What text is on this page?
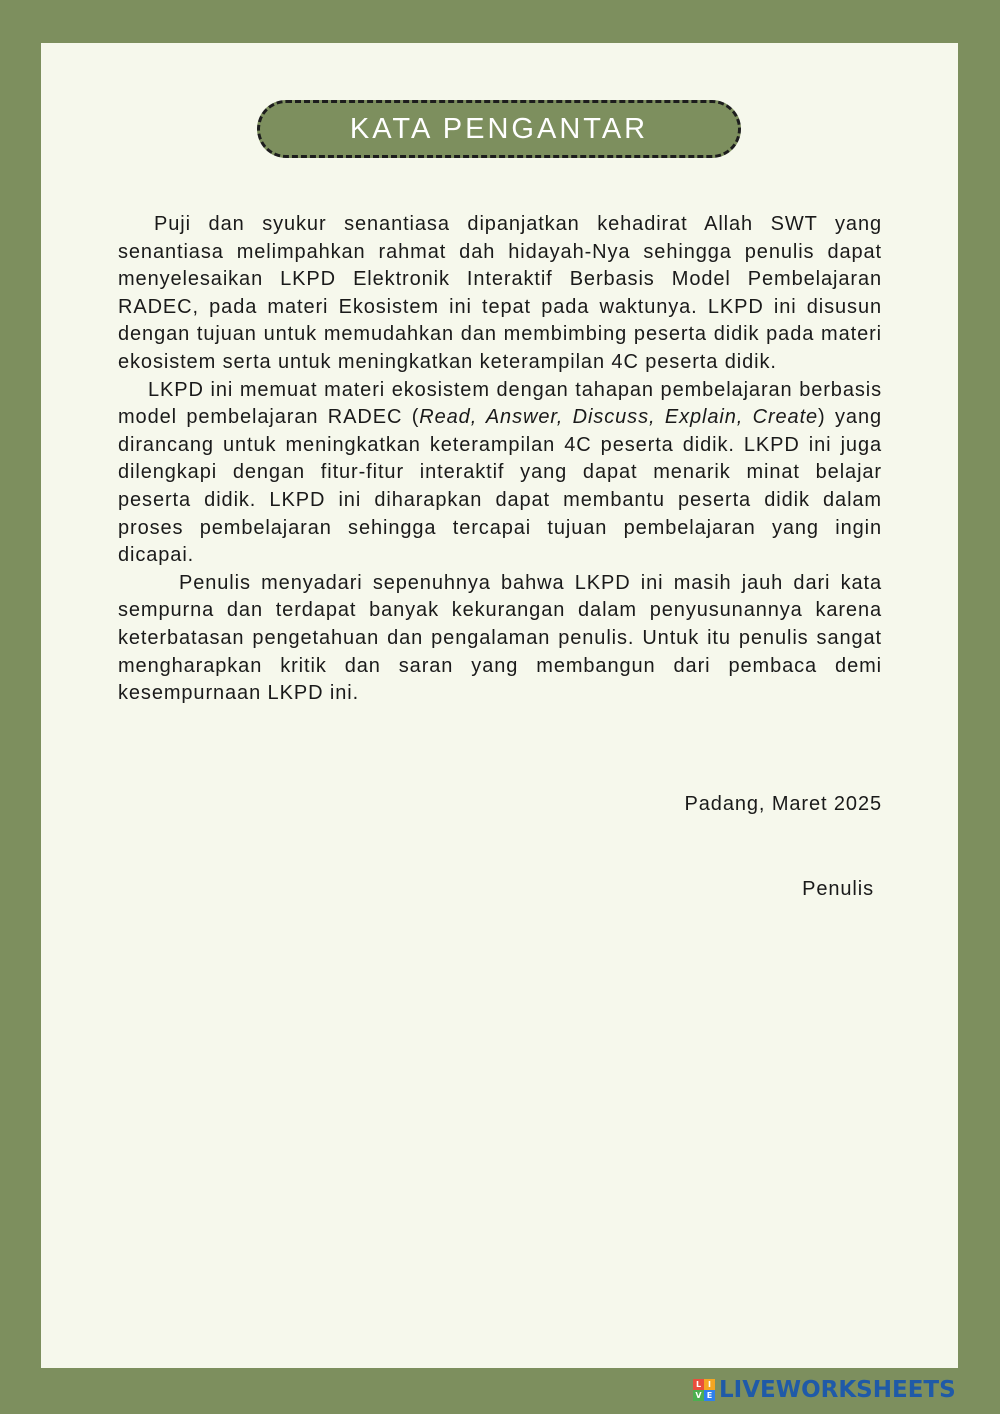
KATA PENGANTAR

Puji dan syukur senantiasa dipanjatkan kehadirat Allah SWT yang senantiasa melimpahkan rahmat dah hidayah-Nya sehingga penulis dapat menyelesaikan LKPD Elektronik Interaktif Berbasis Model Pembelajaran RADEC, pada materi Ekosistem ini tepat pada waktunya. LKPD ini disusun dengan tujuan untuk memudahkan dan membimbing peserta didik pada materi ekosistem serta untuk meningkatkan keterampilan 4C peserta didik.

LKPD ini memuat materi ekosistem dengan tahapan pembelajaran berbasis model pembelajaran RADEC (Read, Answer, Discuss, Explain, Create) yang dirancang untuk meningkatkan keterampilan 4C peserta didik. LKPD ini juga dilengkapi dengan fitur-fitur interaktif yang dapat menarik minat belajar peserta didik. LKPD ini diharapkan dapat membantu peserta didik dalam proses pembelajaran sehingga tercapai tujuan pembelajaran yang ingin dicapai.

Penulis menyadari sepenuhnya bahwa LKPD ini masih jauh dari kata sempurna dan terdapat banyak kekurangan dalam penyusunannya karena keterbatasan pengetahuan dan pengalaman penulis. Untuk itu penulis sangat mengharapkan kritik dan saran yang membangun dari pembaca demi kesempurnaan LKPD ini.

Padang, Maret 2025
Penulis
L I
V E LIVEWORKSHEETS
